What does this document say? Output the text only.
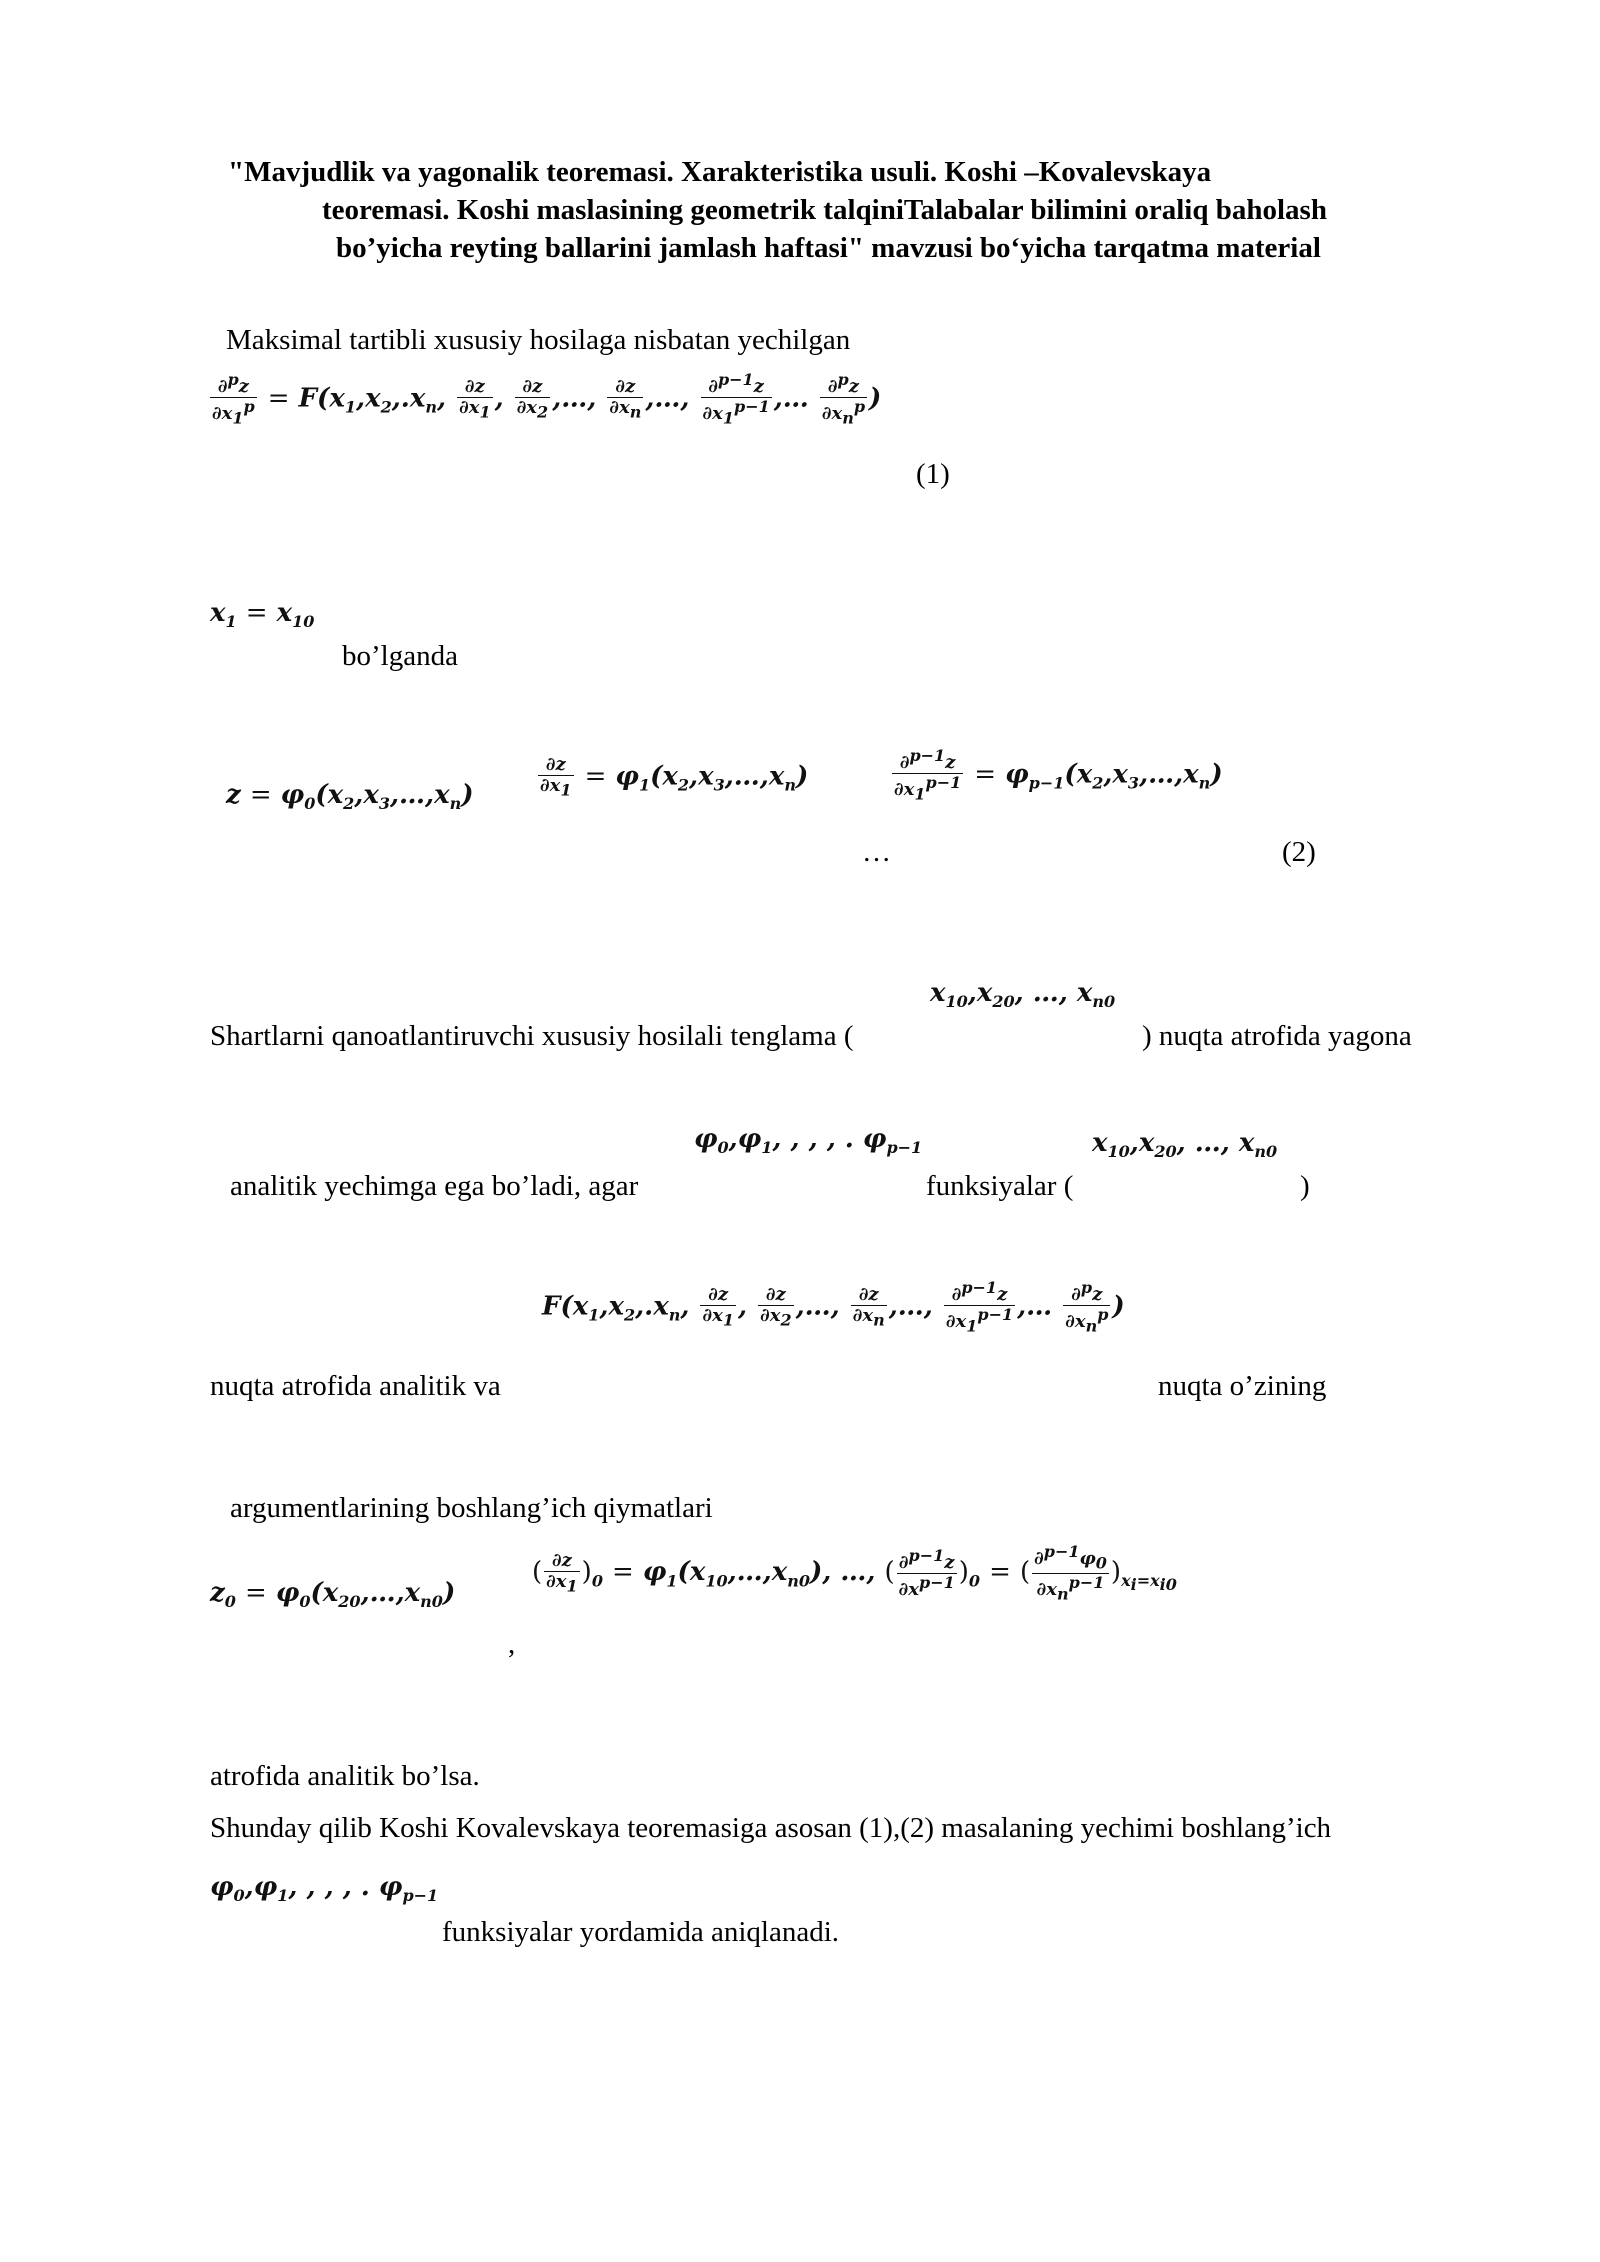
"Mavjudlik va yagonalik teoremasi. Xarakteristika usuli. Koshi –Kovalevskaya
teoremasi. Koshi maslasining geometrik talqiniTalabalar bilimini oraliq baholash
bo’yicha reyting ballarini jamlash haftasi" mavzusi bo‘yicha tarqatma material
Maksimal tartibli xususiy hosilaga nisbatan yechilgan
$\frac{\partial^pz}{\partial x_1^p} = F(x_1,x_2,.x_n$, $\frac{\partial z}{\partial x_1}$ , $\frac{\partial z}{\partial x_2}$ ,…, $\frac{\partial z}{\partial x_n}$ ,…, $\frac{\partial^{p-1}z}{\partial x_1^{p-1}}$ ,… $\frac{\partial^pz}{\partial x_n^p}$ )
(1)
$x_1 = x_{10}$
bo’lganda
$z = \varphi_0(x_2,x_3,\dots,x_n)$	$\frac{\partial z}{\partial x_1}$ = $\varphi_1(x_2,x_3,\dots,x_n)$	$\frac{\partial^{p-1}z}{\partial x_1^{p-1}}$ = $\varphi_{p-1}(x_2,x_3,\dots,x_n)$
…	(2)
$x_{10},x_{20}$, …, $x_{n0}$
Shartlarni qanoatlantiruvchi xususiy hosilali tenglama (	) nuqta atrofida yagona
$\varphi_0,\varphi_1$, , , , . $\varphi_{p-1}$	$x_{10},x_{20}$, …, $x_{n0}$
analitik yechimga ega bo’ladi, agar	funksiyalar (	)
$F(x_1,x_2,.x_n$, $\frac{\partial z}{\partial x_1}$ , $\frac{\partial z}{\partial x_2}$ ,…, $\frac{\partial z}{\partial x_n}$ ,…, $\frac{\partial^{p-1}z}{\partial x_1^{p-1}}$ ,… $\frac{\partial^pz}{\partial x_n^p}$ )
nuqta atrofida analitik va	nuqta o’zining
argumentlarining boshlang’ich qiymatlari
$z_0$ = $\varphi_0(x_{20},\dots,x_{n0})$
( $\frac{\partial z}{\partial x_1} )_0$ = $\varphi_1(x_{10},\dots,x_{n0})$, …, ( $\frac{\partial^{p-1}z}{\partial x^{p-1}} )_0$ = ( $\frac{\partial^{p-1}\varphi_0}{\partial x_n^{p-1}} )_{x_i=x_{i0}}$
,
atrofida analitik bo’lsa.
Shunday qilib Koshi Kovalevskaya teoremasiga asosan (1),(2) masalaning yechimi boshlang’ich
$\varphi_0,\varphi_1$, , , , . $\varphi_{p-1}$
funksiyalar yordamida aniqlanadi.
